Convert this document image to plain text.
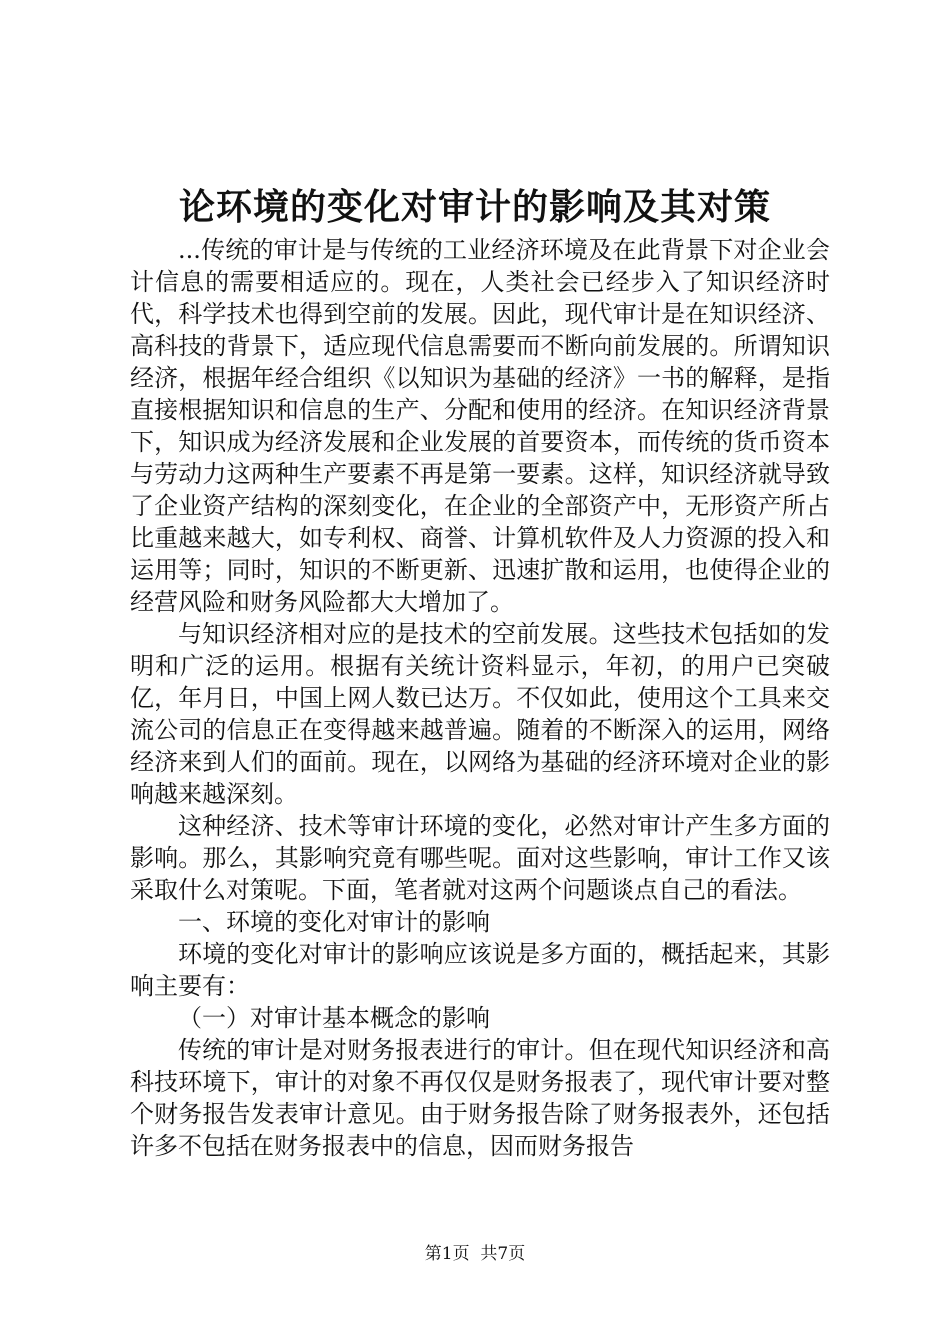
论环境的变化对审计的影响及其对策

...传统的审计是与传统的工业经济环境及在此背景下对企业会计信息的需要相适应的。现在，人类社会已经步入了知识经济时代，科学技术也得到空前的发展。因此，现代审计是在知识经济、高科技的背景下，适应现代信息需要而不断向前发展的。所谓知识经济，根据年经合组织《以知识为基础的经济》一书的解释，是指直接根据知识和信息的生产、分配和使用的经济。在知识经济背景下，知识成为经济发展和企业发展的首要资本，而传统的货币资本与劳动力这两种生产要素不再是第一要素。这样，知识经济就导致了企业资产结构的深刻变化，在企业的全部资产中，无形资产所占比重越来越大，如专利权、商誉、计算机软件及人力资源的投入和运用等；同时，知识的不断更新、迅速扩散和运用，也使得企业的经营风险和财务风险都大大增加了。

与知识经济相对应的是技术的空前发展。这些技术包括如的发明和广泛的运用。根据有关统计资料显示，年初，的用户已突破亿，年月日，中国上网人数已达万。不仅如此，使用这个工具来交流公司的信息正在变得越来越普遍。随着的不断深入的运用，网络经济来到人们的面前。现在，以网络为基础的经济环境对企业的影响越来越深刻。

这种经济、技术等审计环境的变化，必然对审计产生多方面的影响。那么，其影响究竟有哪些呢。面对这些影响，审计工作又该采取什么对策呢。下面，笔者就对这两个问题谈点自己的看法。

一、环境的变化对审计的影响

环境的变化对审计的影响应该说是多方面的，概括起来，其影响主要有：

（一）对审计基本概念的影响

传统的审计是对财务报表进行的审计。但在现代知识经济和高科技环境下，审计的对象不再仅仅是财务报表了，现代审计要对整个财务报告发表审计意见。由于财务报告除了财务报表外，还包括许多不包括在财务报表中的信息，因而财务报告

第1页  共7页
